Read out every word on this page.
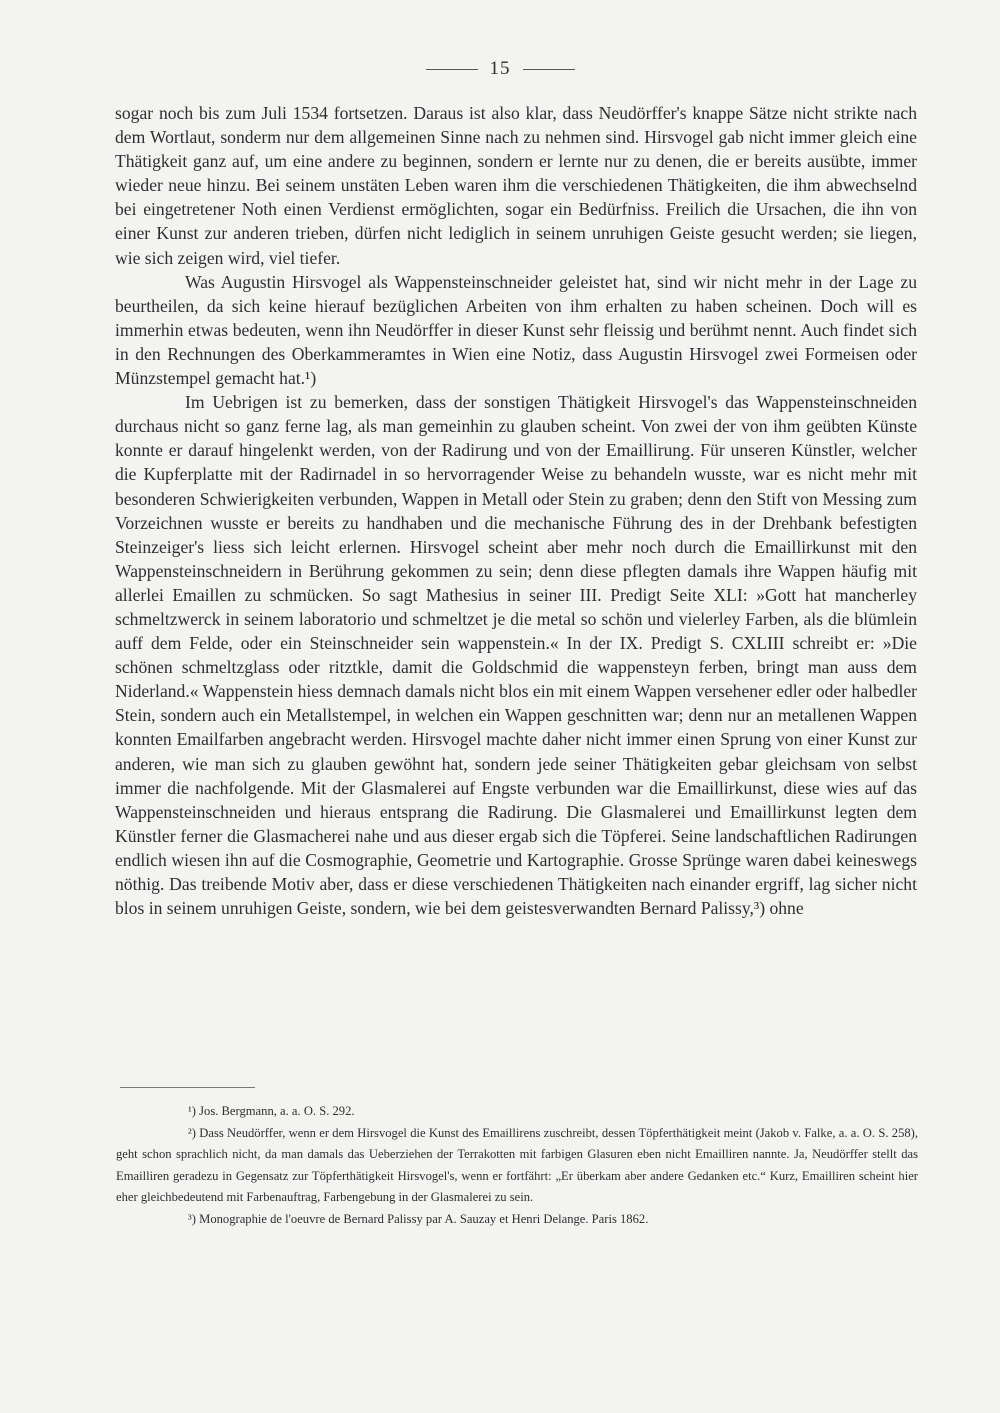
15

sogar noch bis zum Juli 1534 fortsetzen. Daraus ist also klar, dass Neudörffer's knappe Sätze nicht strikte nach dem Wortlaut, sonderm nur dem allgemeinen Sinne nach zu nehmen sind. Hirsvogel gab nicht immer gleich eine Thätigkeit ganz auf, um eine andere zu beginnen, sondern er lernte nur zu denen, die er bereits ausübte, immer wieder neue hinzu. Bei seinem unstäten Leben waren ihm die verschiedenen Thätigkeiten, die ihm abwechselnd bei eingetretener Noth einen Verdienst ermöglichten, sogar ein Bedürfniss. Freilich die Ursachen, die ihn von einer Kunst zur anderen trieben, dürfen nicht lediglich in seinem unruhigen Geiste gesucht werden; sie liegen, wie sich zeigen wird, viel tiefer.

Was Augustin Hirsvogel als Wappensteinschneider geleistet hat, sind wir nicht mehr in der Lage zu beurtheilen, da sich keine hierauf bezüglichen Arbeiten von ihm erhalten zu haben scheinen. Doch will es immerhin etwas bedeuten, wenn ihn Neudörffer in dieser Kunst sehr fleissig und berühmt nennt. Auch findet sich in den Rechnungen des Oberkammeramtes in Wien eine Notiz, dass Augustin Hirsvogel zwei Formeisen oder Münzstempel gemacht hat.¹)

Im Uebrigen ist zu bemerken, dass der sonstigen Thätigkeit Hirsvogel's das Wappensteinschneiden durchaus nicht so ganz ferne lag, als man gemeinhin zu glauben scheint. Von zwei der von ihm geübten Künste konnte er darauf hingelenkt werden, von der Radirung und von der Emaillirung. Für unseren Künstler, welcher die Kupferplatte mit der Radirnadel in so hervorragender Weise zu behandeln wusste, war es nicht mehr mit besonderen Schwierigkeiten verbunden, Wappen in Metall oder Stein zu graben; denn den Stift von Messing zum Vorzeichnen wusste er bereits zu handhaben und die mechanische Führung des in der Drehbank befestigten Steinzeiger's liess sich leicht erlernen. Hirsvogel scheint aber mehr noch durch die Emaillirkunst mit den Wappensteinschneidern in Berührung gekommen zu sein; denn diese pflegten damals ihre Wappen häufig mit allerlei Emaillen zu schmücken. So sagt Mathesius in seiner III. Predigt Seite XLI: »Gott hat mancherley schmeltzwerck in seinem laboratorio und schmeltzet je die metal so schön und vielerley Farben, als die blümlein auff dem Felde, oder ein Steinschneider sein wappenstein.« In der IX. Predigt S. CXLIII schreibt er: »Die schönen schmeltzglass oder ritztkle, damit die Goldschmid die wappensteyn ferben, bringt man auss dem Niderland.« Wappenstein hiess demnach damals nicht blos ein mit einem Wappen versehener edler oder halbedler Stein, sondern auch ein Metallstempel, in welchen ein Wappen geschnitten war; denn nur an metallenen Wappen konnten Emailfarben angebracht werden. Hirsvogel machte daher nicht immer einen Sprung von einer Kunst zur anderen, wie man sich zu glauben gewöhnt hat, sondern jede seiner Thätigkeiten gebar gleichsam von selbst immer die nachfolgende. Mit der Glasmalerei auf Engste verbunden war die Emaillirkunst, diese wies auf das Wappensteinschneiden und hieraus entsprang die Radirung. Die Glasmalerei und Emaillirkunst legten dem Künstler ferner die Glasmacherei nahe und aus dieser ergab sich die Töpferei. Seine landschaftlichen Radirungen endlich wiesen ihn auf die Cosmographie, Geometrie und Kartographie. Grosse Sprünge waren dabei keineswegs nöthig. Das treibende Motiv aber, dass er diese verschiedenen Thätigkeiten nach einander ergriff, lag sicher nicht blos in seinem unruhigen Geiste, sondern, wie bei dem geistesverwandten Bernard Palissy,³) ohne

¹) Jos. Bergmann, a. a. O. S. 292.

²) Dass Neudörffer, wenn er dem Hirsvogel die Kunst des Emaillirens zuschreibt, dessen Töpferthätigkeit meint (Jakob v. Falke, a. a. O. S. 258), geht schon sprachlich nicht, da man damals das Ueberziehen der Terrakotten mit farbigen Glasuren eben nicht Emailliren nannte. Ja, Neudörffer stellt das Emailliren geradezu in Gegensatz zur Töpferthätigkeit Hirsvogel's, wenn er fortfährt: „Er überkam aber andere Gedanken etc.“ Kurz, Emailliren scheint hier eher gleichbedeutend mit Farbenauftrag, Farbengebung in der Glasmalerei zu sein.

³) Monographie de l'oeuvre de Bernard Palissy par A. Sauzay et Henri Delange. Paris 1862.
